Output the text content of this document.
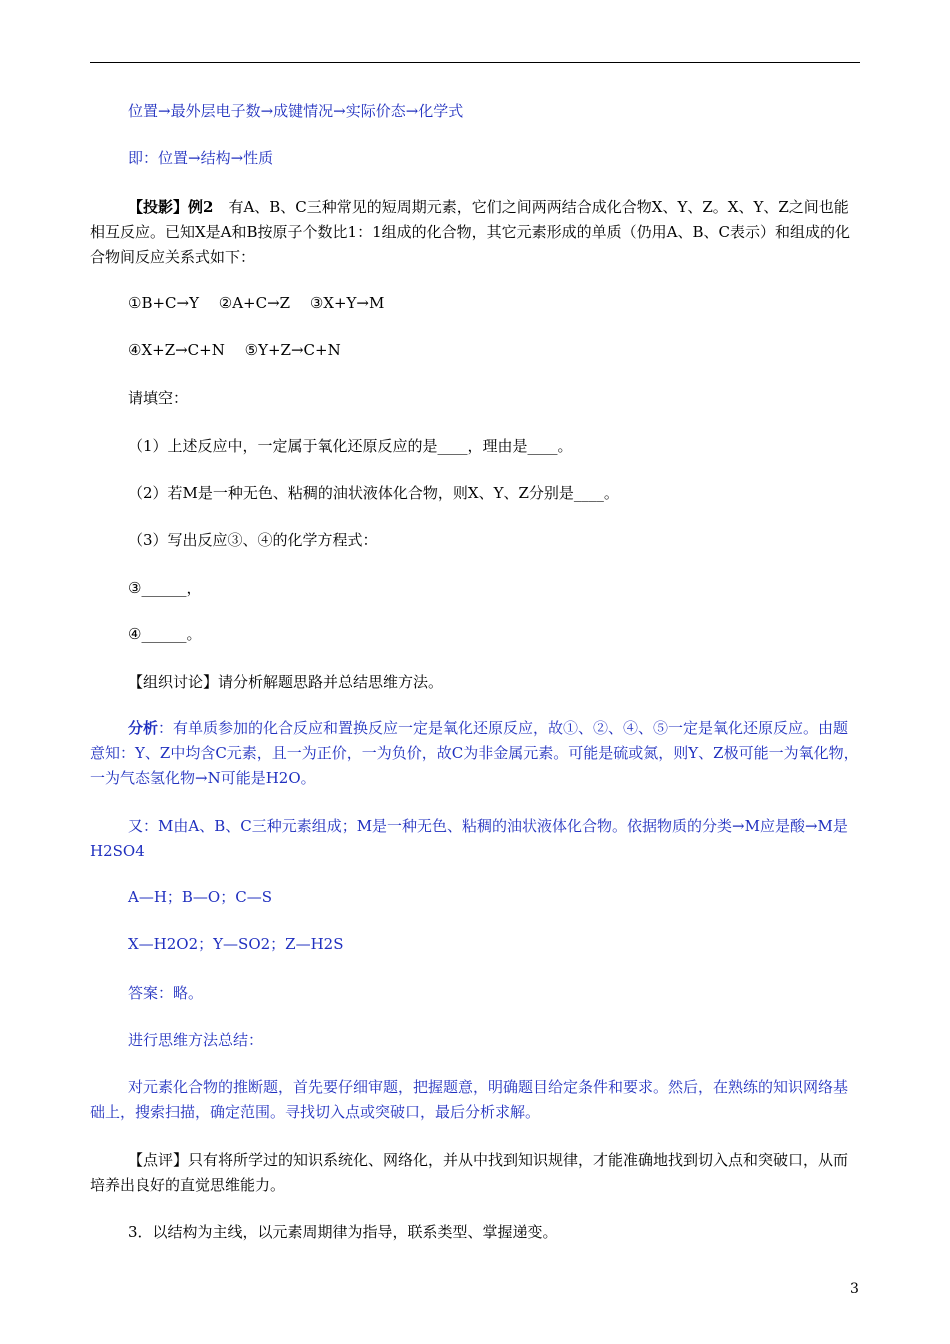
位置→最外层电子数→成键情况→实际价态→化学式

即：位置→结构→性质

【投影】例2　有A、B、C三种常见的短周期元素，它们之间两两结合成化合物X、Y、Z。X、Y、Z之间也能相互反应。已知X是A和B按原子个数比1：1组成的化合物，其它元素形成的单质（仍用A、B、C表示）和组成的化合物间反应关系式如下：

①B+C→Y　 ②A+C→Z　 ③X+Y→M

④X+Z→C+N　 ⑤Y+Z→C+N

请填空：

（1）上述反应中，一定属于氧化还原反应的是____，理由是____。

（2）若M是一种无色、粘稠的油状液体化合物，则X、Y、Z分别是____。

（3）写出反应③、④的化学方程式：

③______，

④______。

【组织讨论】请分析解题思路并总结思维方法。

分析：有单质参加的化合反应和置换反应一定是氧化还原反应，故①、②、④、⑤一定是氧化还原反应。由题意知：Y、Z中均含C元素，且一为正价，一为负价，故C为非金属元素。可能是硫或氮，则Y、Z极可能一为氧化物，一为气态氢化物→N可能是H2O。

又：M由A、B、C三种元素组成；M是一种无色、粘稠的油状液体化合物。依据物质的分类→M应是酸→M是H2SO4

A—H；B—O；C—S

X—H2O2；Y—SO2；Z—H2S

答案：略。

进行思维方法总结：

对元素化合物的推断题，首先要仔细审题，把握题意，明确题目给定条件和要求。然后，在熟练的知识网络基础上，搜索扫描，确定范围。寻找切入点或突破口，最后分析求解。

【点评】只有将所学过的知识系统化、网络化，并从中找到知识规律，才能准确地找到切入点和突破口，从而培养出良好的直觉思维能力。

3．以结构为主线，以元素周期律为指导，联系类型、掌握递变。

3
